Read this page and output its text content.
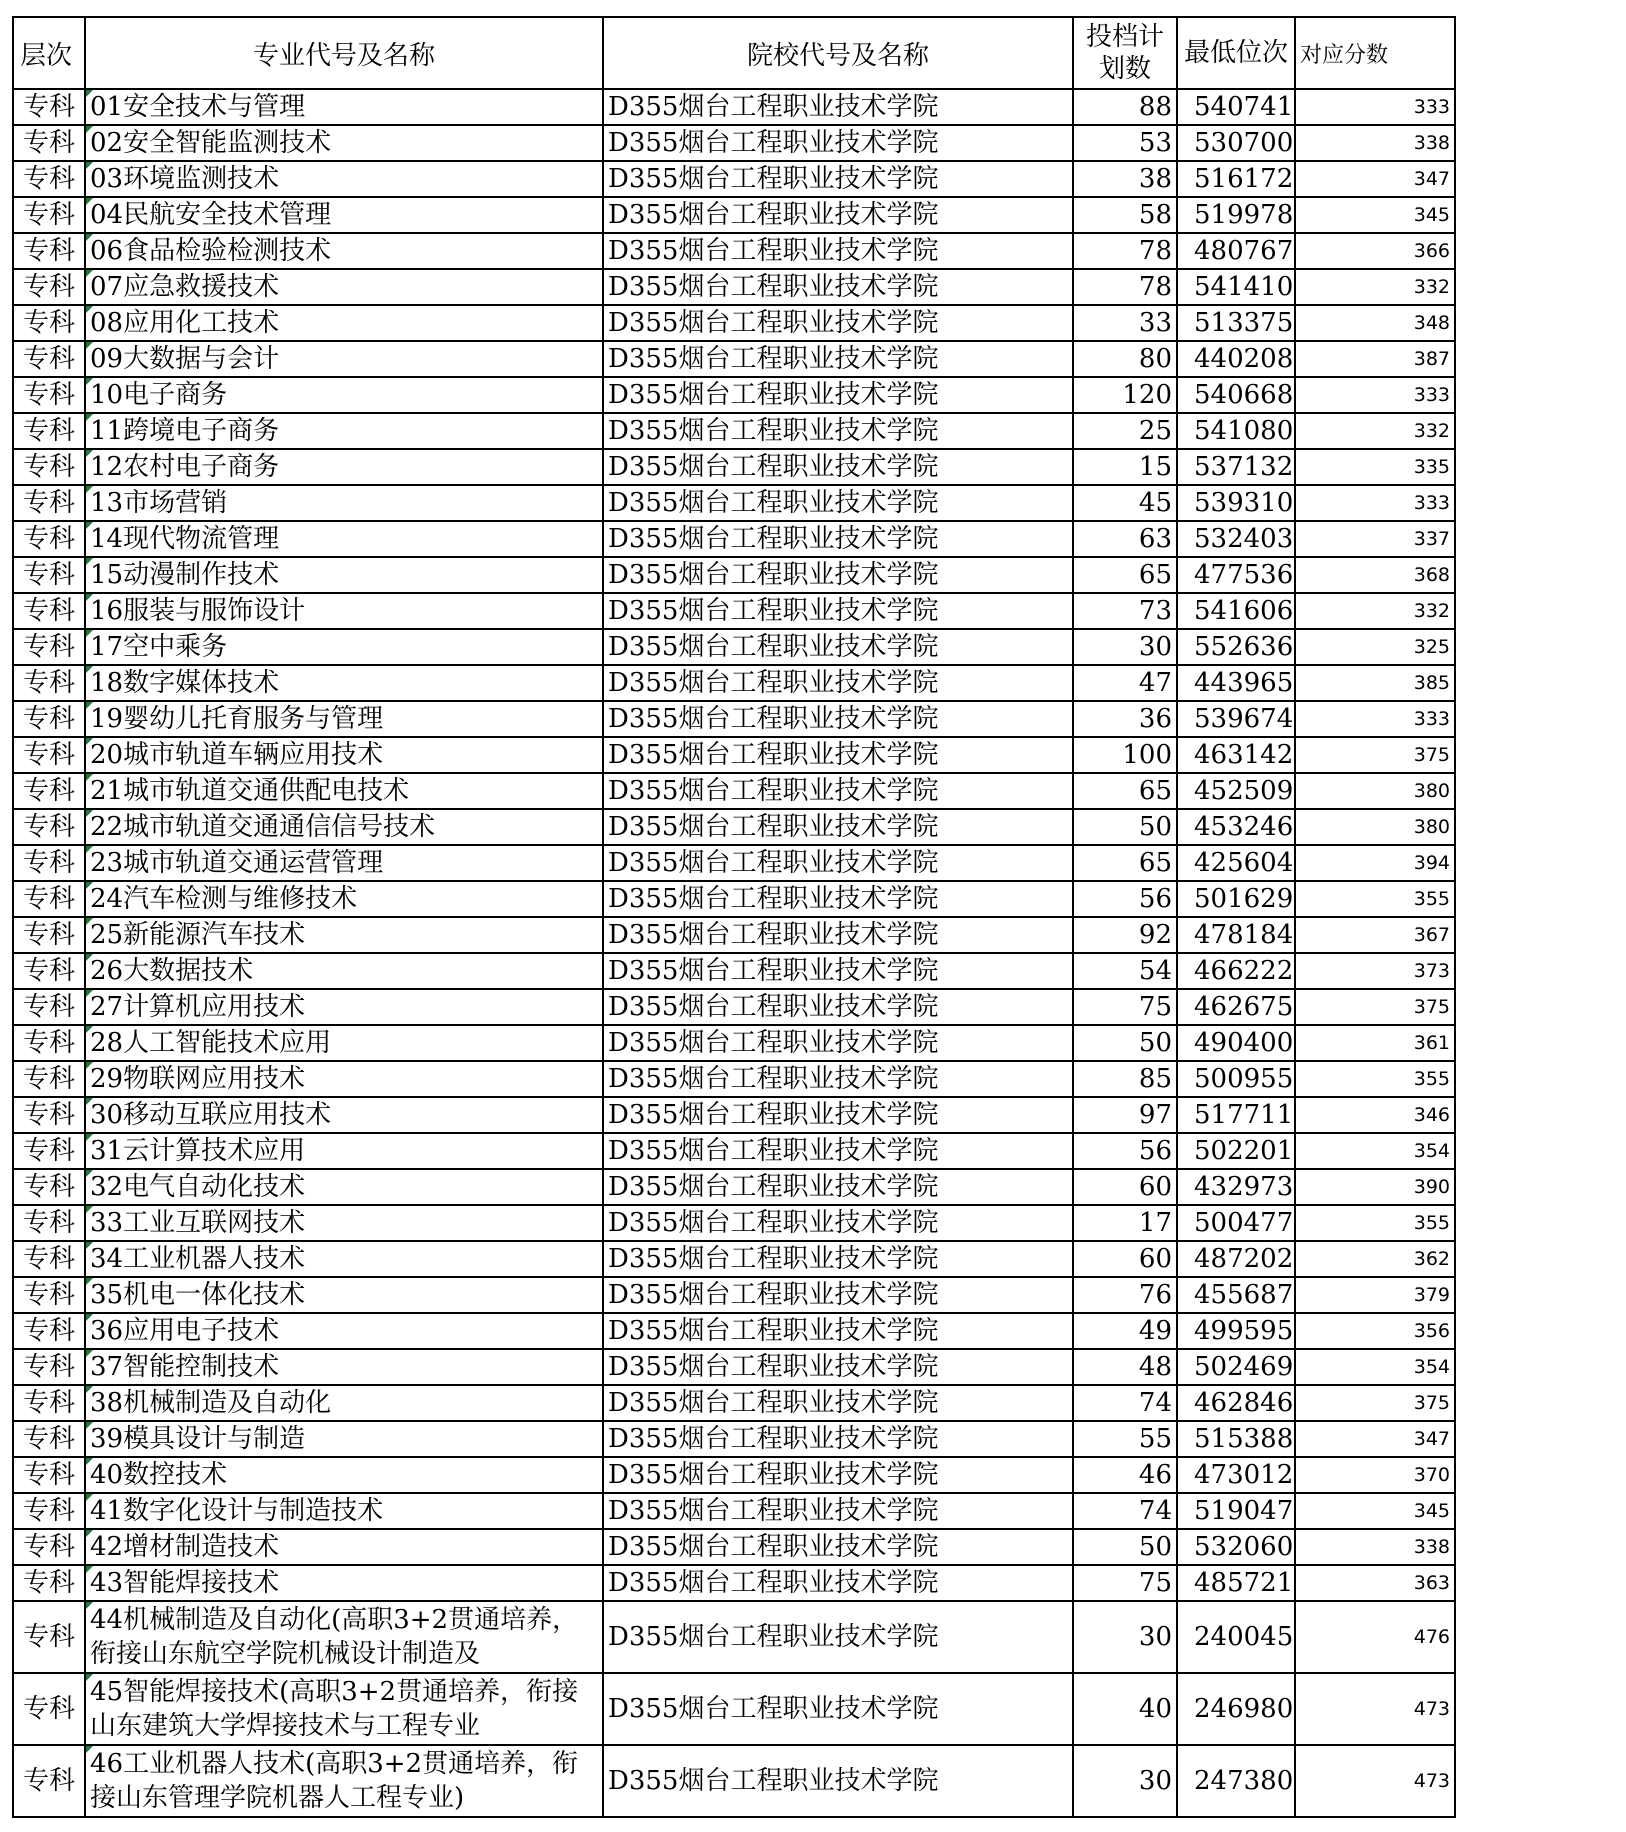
层次	专业代号及名称	院校代号及名称	投档计划数	最低位次	对应分数
专科	01安全技术与管理	D355烟台工程职业技术学院	88	540741	333
专科	02安全智能监测技术	D355烟台工程职业技术学院	53	530700	338
专科	03环境监测技术	D355烟台工程职业技术学院	38	516172	347
专科	04民航安全技术管理	D355烟台工程职业技术学院	58	519978	345
专科	06食品检验检测技术	D355烟台工程职业技术学院	78	480767	366
专科	07应急救援技术	D355烟台工程职业技术学院	78	541410	332
专科	08应用化工技术	D355烟台工程职业技术学院	33	513375	348
专科	09大数据与会计	D355烟台工程职业技术学院	80	440208	387
专科	10电子商务	D355烟台工程职业技术学院	120	540668	333
专科	11跨境电子商务	D355烟台工程职业技术学院	25	541080	332
专科	12农村电子商务	D355烟台工程职业技术学院	15	537132	335
专科	13市场营销	D355烟台工程职业技术学院	45	539310	333
专科	14现代物流管理	D355烟台工程职业技术学院	63	532403	337
专科	15动漫制作技术	D355烟台工程职业技术学院	65	477536	368
专科	16服装与服饰设计	D355烟台工程职业技术学院	73	541606	332
专科	17空中乘务	D355烟台工程职业技术学院	30	552636	325
专科	18数字媒体技术	D355烟台工程职业技术学院	47	443965	385
专科	19婴幼儿托育服务与管理	D355烟台工程职业技术学院	36	539674	333
专科	20城市轨道车辆应用技术	D355烟台工程职业技术学院	100	463142	375
专科	21城市轨道交通供配电技术	D355烟台工程职业技术学院	65	452509	380
专科	22城市轨道交通通信信号技术	D355烟台工程职业技术学院	50	453246	380
专科	23城市轨道交通运营管理	D355烟台工程职业技术学院	65	425604	394
专科	24汽车检测与维修技术	D355烟台工程职业技术学院	56	501629	355
专科	25新能源汽车技术	D355烟台工程职业技术学院	92	478184	367
专科	26大数据技术	D355烟台工程职业技术学院	54	466222	373
专科	27计算机应用技术	D355烟台工程职业技术学院	75	462675	375
专科	28人工智能技术应用	D355烟台工程职业技术学院	50	490400	361
专科	29物联网应用技术	D355烟台工程职业技术学院	85	500955	355
专科	30移动互联应用技术	D355烟台工程职业技术学院	97	517711	346
专科	31云计算技术应用	D355烟台工程职业技术学院	56	502201	354
专科	32电气自动化技术	D355烟台工程职业技术学院	60	432973	390
专科	33工业互联网技术	D355烟台工程职业技术学院	17	500477	355
专科	34工业机器人技术	D355烟台工程职业技术学院	60	487202	362
专科	35机电一体化技术	D355烟台工程职业技术学院	76	455687	379
专科	36应用电子技术	D355烟台工程职业技术学院	49	499595	356
专科	37智能控制技术	D355烟台工程职业技术学院	48	502469	354
专科	38机械制造及自动化	D355烟台工程职业技术学院	74	462846	375
专科	39模具设计与制造	D355烟台工程职业技术学院	55	515388	347
专科	40数控技术	D355烟台工程职业技术学院	46	473012	370
专科	41数字化设计与制造技术	D355烟台工程职业技术学院	74	519047	345
专科	42增材制造技术	D355烟台工程职业技术学院	50	532060	338
专科	43智能焊接技术	D355烟台工程职业技术学院	75	485721	363
专科	44机械制造及自动化(高职3+2贯通培养，衔接山东航空学院机械设计制造及	D355烟台工程职业技术学院	30	240045	476
专科	45智能焊接技术(高职3+2贯通培养，衔接山东建筑大学焊接技术与工程专业	D355烟台工程职业技术学院	40	246980	473
专科	46工业机器人技术(高职3+2贯通培养，衔接山东管理学院机器人工程专业)	D355烟台工程职业技术学院	30	247380	473
